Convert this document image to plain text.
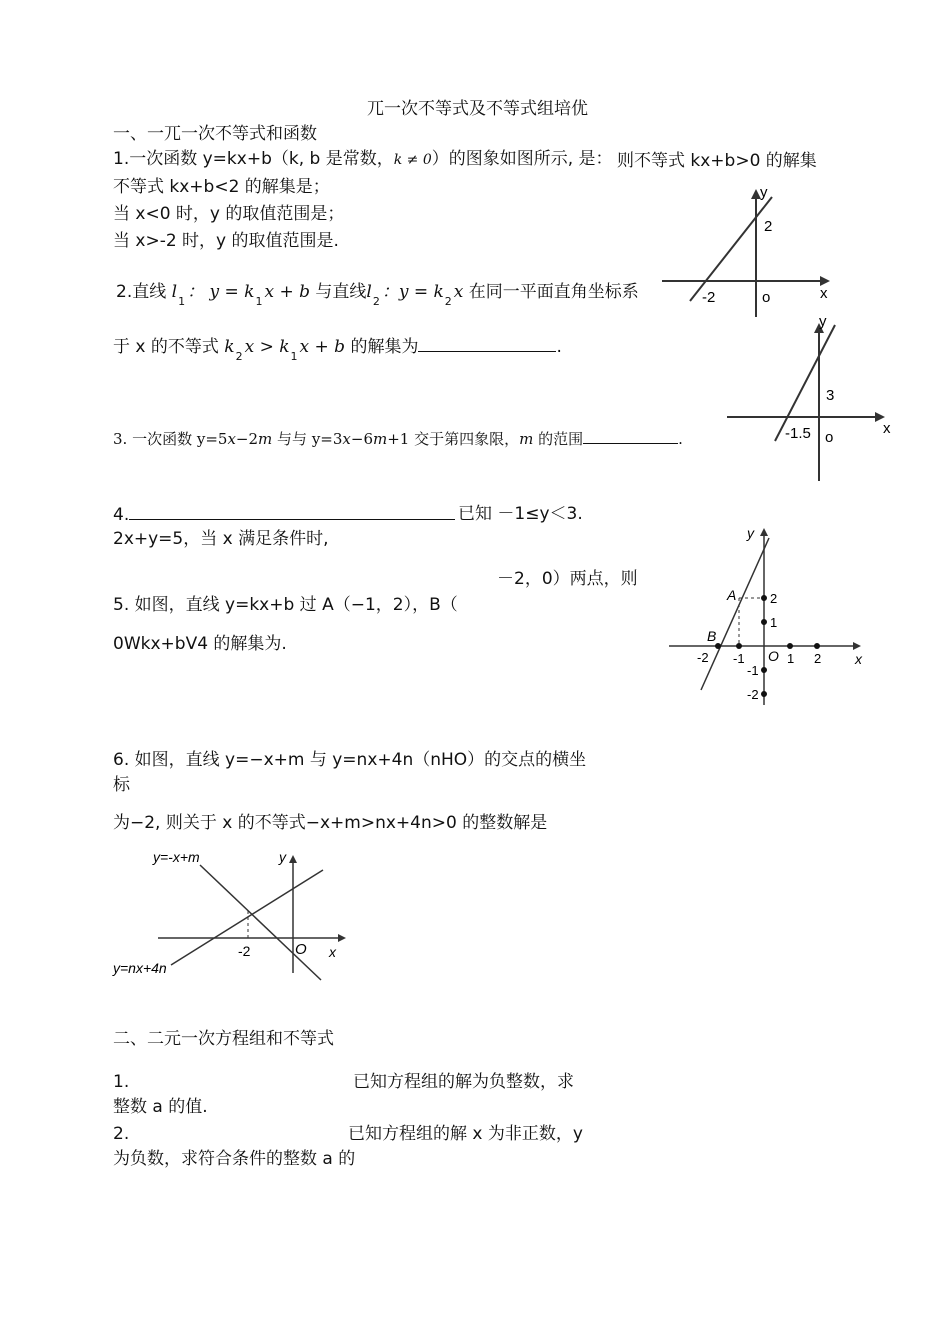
兀一次不等式及不等式组培优
一、一兀一次不等式和函数
1.一次函数 y=kx+b（k, b 是常数，k ≠ 0）的图象如图所示, 是： 则不等式 kx+b>0 的解集
不等式 kx+b<2 的解集是；
当 x<0 时，y 的取值范围是；
当 x>-2 时，y 的取值范围是.
2.直线 $l_1$ ： $y = k_1$ x + b 与直线$l_2$ ：$y = k_2$ x 在同一平面直角坐标系
于 x 的不等式 $k_2$ $x > k_1$ x + b 的解集为	.
3. 一次函数 y=5x−2m 与与 y=3x−6m+1 交于第四象限，m 的范围	.
4.	已知 －1≤y＜3.
2x+y=5，当 x 满足条件时,
－2，0）两点，则
5. 如图，直线 y=kx+b 过 A（−1，2），B（
0Wkx+bV4 的解集为.
6. 如图，直线 y=−x+m 与 y=nx+4n（nHO）的交点的横坐
标
为−2, 则关于 x 的不等式−x+m>nx+4n>0 的整数解是
二、二元一次方程组和不等式
1.	已知方程组的解为负整数，求
整数 a 的值.
2.	已知方程组的解 x 为非正数，y
为负数，求符合条件的整数 a 的
x
y
o
-2
2
x
y
o
-1.5
3
x
y
O
A
B
-2 -1	1 2
2
1
-1
-2
y=-x+m
y=nx+4n
y
x
O
-2
